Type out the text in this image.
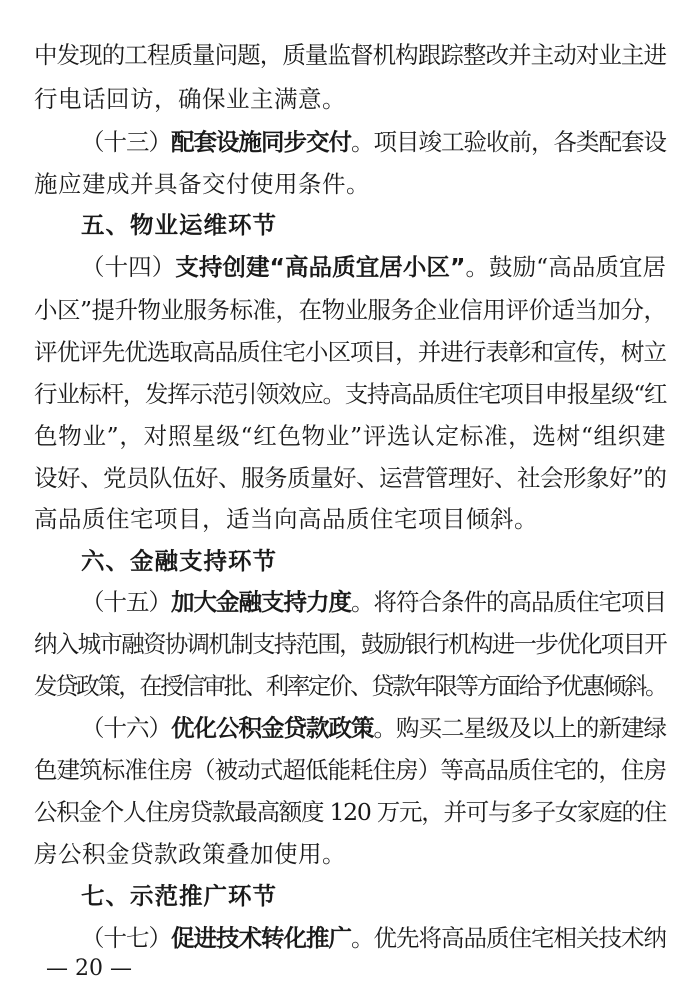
中发现的工程质量问题，质量监督机构跟踪整改并主动对业主进
行电话回访，确保业主满意。
（十三）配套设施同步交付。项目竣工验收前，各类配套设
施应建成并具备交付使用条件。
五、物业运维环节
（十四）支持创建“高品质宜居小区”。鼓励“高品质宜居
小区”提升物业服务标准，在物业服务企业信用评价适当加分，
评优评先优选取高品质住宅小区项目，并进行表彰和宣传，树立
行业标杆，发挥示范引领效应。支持高品质住宅项目申报星级“红
色物业”，对照星级“红色物业”评选认定标准，选树“组织建
设好、党员队伍好、服务质量好、运营管理好、社会形象好”的
高品质住宅项目，适当向高品质住宅项目倾斜。
六、金融支持环节
（十五）加大金融支持力度。将符合条件的高品质住宅项目
纳入城市融资协调机制支持范围，鼓励银行机构进一步优化项目开
发贷政策，在授信审批、利率定价、贷款年限等方面给予优惠倾斜。
（十六）优化公积金贷款政策。购买二星级及以上的新建绿
色建筑标准住房（被动式超低能耗住房）等高品质住宅的，住房
公积金个人住房贷款最高额度 120 万元，并可与多子女家庭的住
房公积金贷款政策叠加使用。
七、示范推广环节
（十七）促进技术转化推广。优先将高品质住宅相关技术纳
— 20 —
